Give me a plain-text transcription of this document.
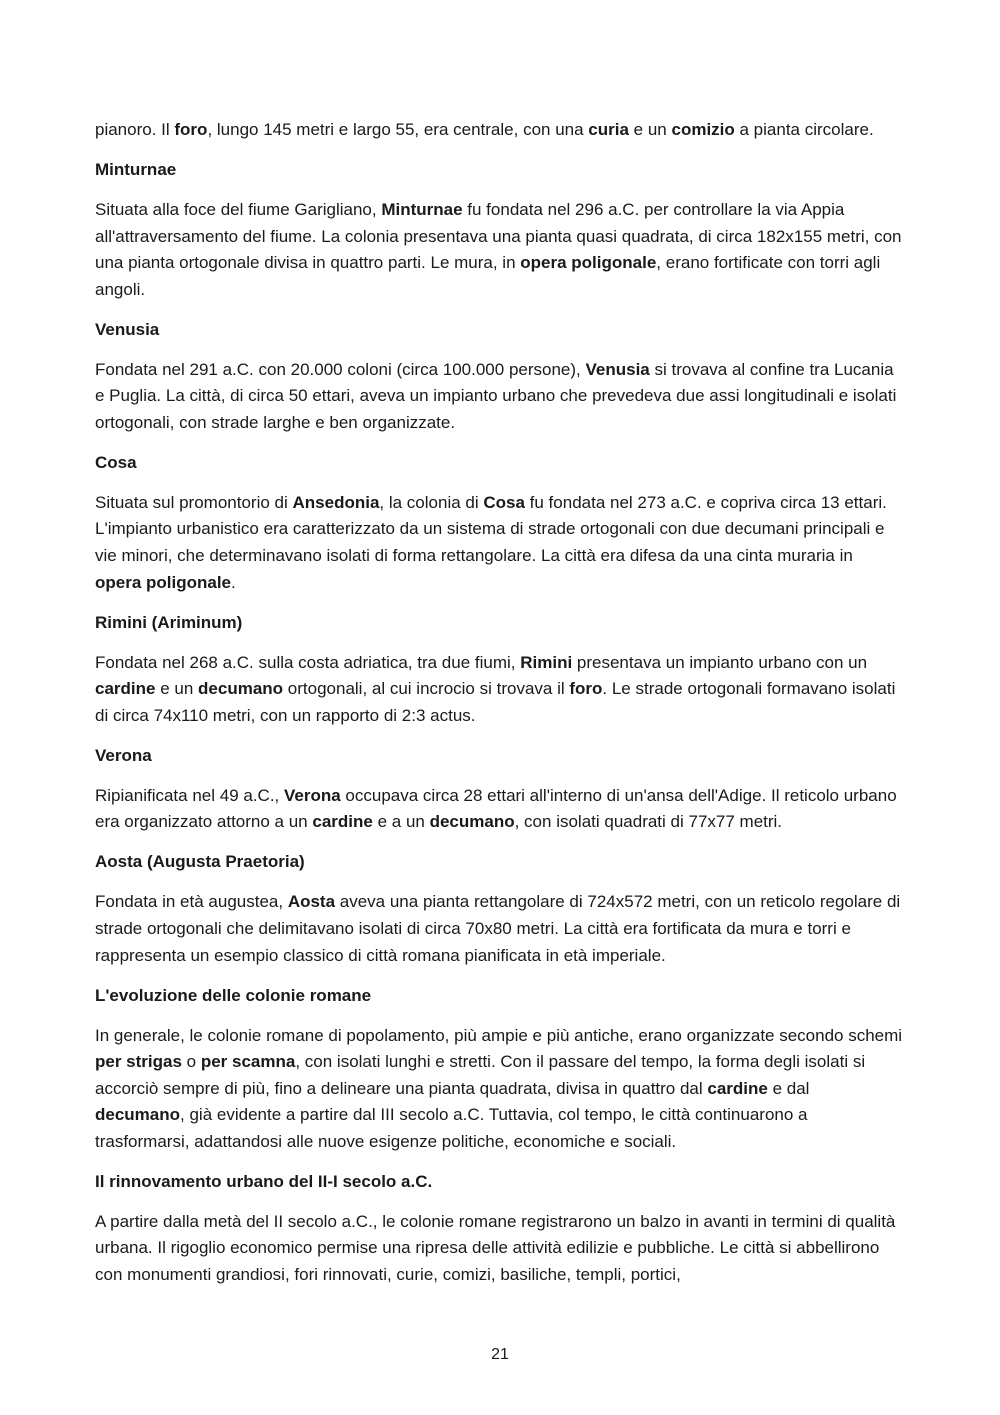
pianoro. Il foro, lungo 145 metri e largo 55, era centrale, con una curia e un comizio a pianta circolare.
Minturnae
Situata alla foce del fiume Garigliano, Minturnae fu fondata nel 296 a.C. per controllare la via Appia all'attraversamento del fiume. La colonia presentava una pianta quasi quadrata, di circa 182x155 metri, con una pianta ortogonale divisa in quattro parti. Le mura, in opera poligonale, erano fortificate con torri agli angoli.
Venusia
Fondata nel 291 a.C. con 20.000 coloni (circa 100.000 persone), Venusia si trovava al confine tra Lucania e Puglia. La città, di circa 50 ettari, aveva un impianto urbano che prevedeva due assi longitudinali e isolati ortogonali, con strade larghe e ben organizzate.
Cosa
Situata sul promontorio di Ansedonia, la colonia di Cosa fu fondata nel 273 a.C. e copriva circa 13 ettari. L'impianto urbanistico era caratterizzato da un sistema di strade ortogonali con due decumani principali e vie minori, che determinavano isolati di forma rettangolare. La città era difesa da una cinta muraria in opera poligonale.
Rimini (Ariminum)
Fondata nel 268 a.C. sulla costa adriatica, tra due fiumi, Rimini presentava un impianto urbano con un cardine e un decumano ortogonali, al cui incrocio si trovava il foro. Le strade ortogonali formavano isolati di circa 74x110 metri, con un rapporto di 2:3 actus.
Verona
Ripianificata nel 49 a.C., Verona occupava circa 28 ettari all'interno di un'ansa dell'Adige. Il reticolo urbano era organizzato attorno a un cardine e a un decumano, con isolati quadrati di 77x77 metri.
Aosta (Augusta Praetoria)
Fondata in età augustea, Aosta aveva una pianta rettangolare di 724x572 metri, con un reticolo regolare di strade ortogonali che delimitavano isolati di circa 70x80 metri. La città era fortificata da mura e torri e rappresenta un esempio classico di città romana pianificata in età imperiale.
L'evoluzione delle colonie romane
In generale, le colonie romane di popolamento, più ampie e più antiche, erano organizzate secondo schemi per strigas o per scamna, con isolati lunghi e stretti. Con il passare del tempo, la forma degli isolati si accorciò sempre di più, fino a delineare una pianta quadrata, divisa in quattro dal cardine e dal decumano, già evidente a partire dal III secolo a.C. Tuttavia, col tempo, le città continuarono a trasformarsi, adattandosi alle nuove esigenze politiche, economiche e sociali.
Il rinnovamento urbano del II-I secolo a.C.
A partire dalla metà del II secolo a.C., le colonie romane registrarono un balzo in avanti in termini di qualità urbana. Il rigoglio economico permise una ripresa delle attività edilizie e pubbliche. Le città si abbellirono con monumenti grandiosi, fori rinnovati, curie, comizi, basiliche, templi, portici,
21
